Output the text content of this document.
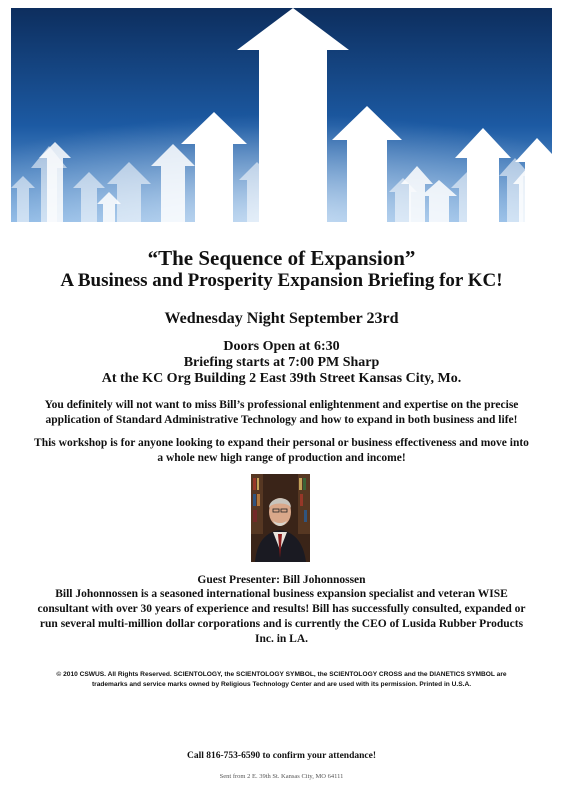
“The Sequence of Expansion”
A Business and Prosperity Expansion Briefing for KC!
Wednesday Night September 23rd
Doors Open at 6:30
Briefing starts at 7:00 PM Sharp
At the KC Org Building 2 East 39th Street Kansas City, Mo.
You definitely will not want to miss Bill’s professional enlightenment and expertise on the precise application of Standard Administrative Technology and how to expand in both business and life!
This workshop is for anyone looking to expand their personal or business effectiveness and move into a whole new high range of production and income!
Guest Presenter: Bill Johonnossen
Bill Johonnossen is a seasoned international business expansion specialist and veteran WISE consultant with over 30 years of experience and results! Bill has successfully consulted, expanded or run several multi-million dollar corporations and is currently the CEO of Lusida Rubber Products Inc. in LA.
© 2010 CSWUS. All Rights Reserved. SCIENTOLOGY, the SCIENTOLOGY SYMBOL, the SCIENTOLOGY CROSS and the DIANETICS SYMBOL are trademarks and service marks owned by Religious Technology Center and are used with its permission. Printed in U.S.A.
Call 816-753-6590 to confirm your attendance!
Sent from 2 E. 39th St. Kansas City, MO 64111
